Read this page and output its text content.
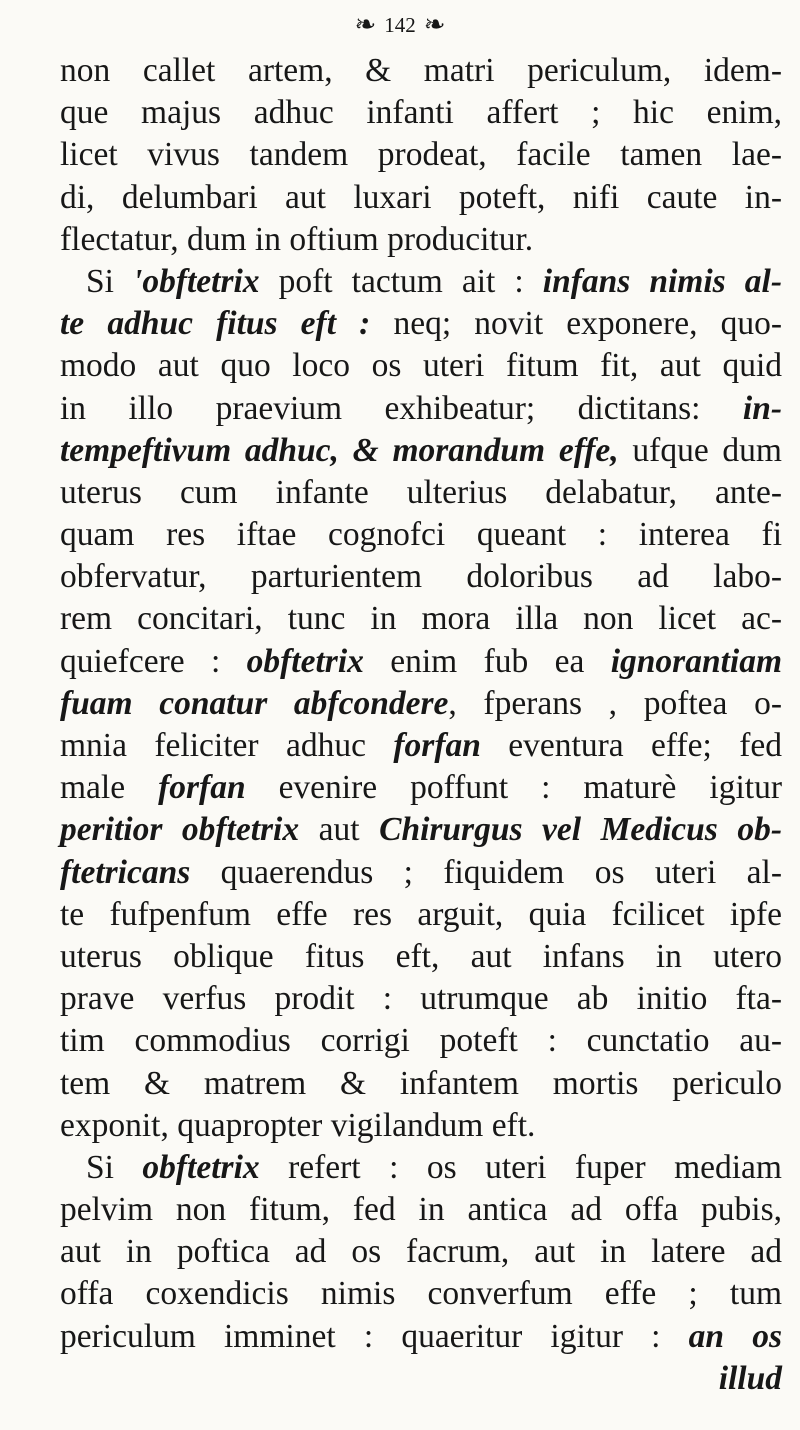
❧ 142 ❧
non callet artem, & matri periculum, idem-
que majus adhuc infanti affert ; hic enim,
licet vivus tandem prodeat, facile tamen lae-
di, delumbari aut luxari poteft, nifi caute in-
flectatur, dum in oftium producitur.
Si 'obftetrix poft tactum ait : infans nimis al-
te adhuc fitus eft : neq; novit exponere, quo-
modo aut quo loco os uteri fitum fit, aut quid
in illo praevium exhibeatur; dictitans: in-
tempeftivum adhuc, & morandum effe, ufque dum
uterus cum infante ulterius delabatur, ante-
quam res iftae cognofci queant : interea fi
obfervatur, parturientem doloribus ad labo-
rem concitari, tunc in mora illa non licet ac-
quiefcere : obftetrix enim fub ea ignorantiam
fuam conatur abfcondere, fperans , poftea o-
mnia feliciter adhuc forfan eventura effe; fed
male forfan evenire poffunt : maturè igitur
peritior obftetrix aut Chirurgus vel Medicus ob-
ftetricans quaerendus ; fiquidem os uteri al-
te fufpenfum effe res arguit, quia fcilicet ipfe
uterus oblique fitus eft, aut infans in utero
prave verfus prodit : utrumque ab initio fta-
tim commodius corrigi poteft : cunctatio au-
tem & matrem & infantem mortis periculo
exponit, quapropter vigilandum eft.
Si obftetrix refert : os uteri fuper mediam
pelvim non fitum, fed in antica ad offa pubis,
aut in poftica ad os facrum, aut in latere ad
offa coxendicis nimis converfum effe ; tum
periculum imminet : quaeritur igitur : an os
illud
